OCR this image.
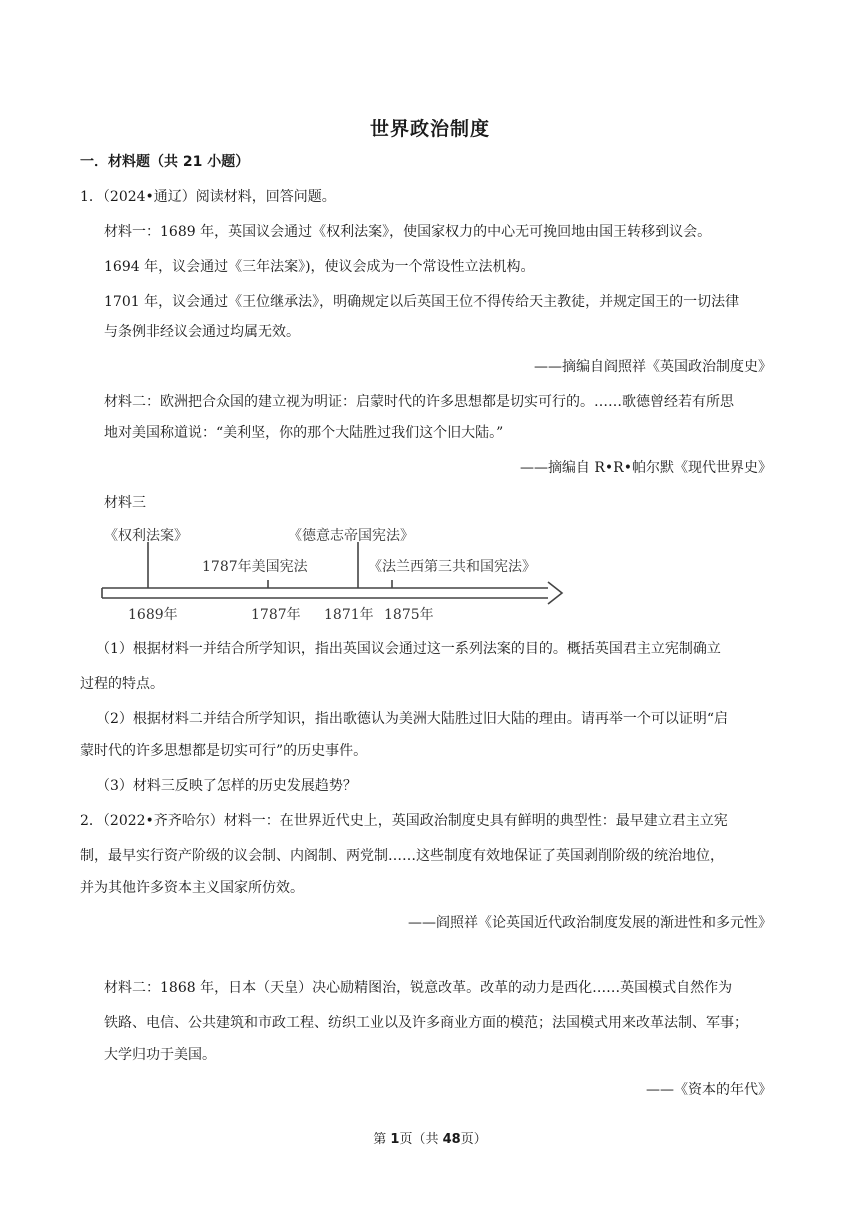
世界政治制度
一．材料题（共 21 小题）
1．（2024•通辽）阅读材料，回答问题。
材料一：1689 年，英国议会通过《权利法案》，使国家权力的中心无可挽回地由国王转移到议会。
1694 年，议会通过《三年法案》)，使议会成为一个常设性立法机构。
1701 年，议会通过《王位继承法》，明确规定以后英国王位不得传给天主教徒，并规定国王的一切法律
与条例非经议会通过均属无效。
——摘编自阎照祥《英国政治制度史》
材料二：欧洲把合众国的建立视为明证：启蒙时代的许多思想都是切实可行的。……歌德曾经若有所思
地对美国称道说：“美利坚，你的那个大陆胜过我们这个旧大陆。”
——摘编自 R•R•帕尔默《现代世界史》
材料三
《权利法案》	《德意志帝国宪法》
1787年美国宪法	《法兰西第三共和国宪法》
1689年	1787年 1871年 1875年
（1）根据材料一并结合所学知识，指出英国议会通过这一系列法案的目的。概括英国君主立宪制确立
过程的特点。
（2）根据材料二并结合所学知识，指出歌德认为美洲大陆胜过旧大陆的理由。请再举一个可以证明“启
蒙时代的许多思想都是切实可行”的历史事件。
（3）材料三反映了怎样的历史发展趋势？
2．（2022•齐齐哈尔）材料一：在世界近代史上，英国政治制度史具有鲜明的典型性：最早建立君主立宪
制，最早实行资产阶级的议会制、内阁制、两党制……这些制度有效地保证了英国剥削阶级的统治地位，
并为其他许多资本主义国家所仿效。
——阎照祥《论英国近代政治制度发展的渐进性和多元性》
材料二：1868 年，日本（天皇）决心励精图治，锐意改革。改革的动力是西化……英国模式自然作为
铁路、电信、公共建筑和市政工程、纺织工业以及许多商业方面的模范；法国模式用来改革法制、军事；
大学归功于美国。
——《资本的年代》
第 1页（共 48页）
